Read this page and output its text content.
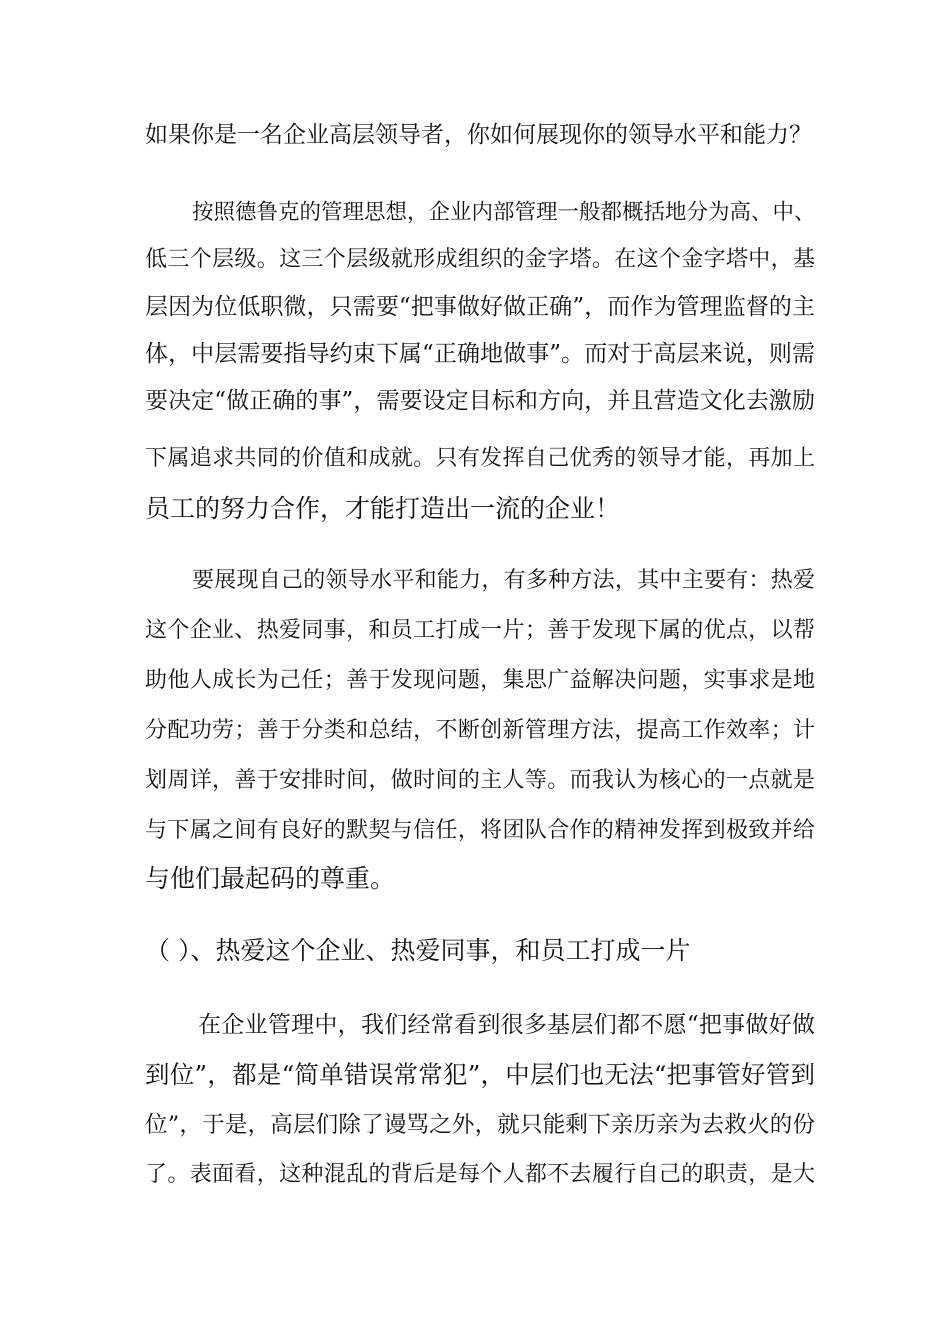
如果你是一名企业高层领导者，你如何展现你的领导水平和能力？
按照德鲁克的管理思想，企业内部管理一般都概括地分为高、中、
低三个层级。这三个层级就形成组织的金字塔。在这个金字塔中，基
层因为位低职微，只需要“把事做好做正确”，而作为管理监督的主
体，中层需要指导约束下属“正确地做事”。而对于高层来说，则需
要决定“做正确的事”，需要设定目标和方向，并且营造文化去激励
下属追求共同的价值和成就。只有发挥自己优秀的领导才能，再加上
员工的努力合作，才能打造出一流的企业！
要展现自己的领导水平和能力，有多种方法，其中主要有：热爱
这个企业、热爱同事，和员工打成一片；善于发现下属的优点，以帮
助他人成长为己任；善于发现问题，集思广益解决问题，实事求是地
分配功劳；善于分类和总结，不断创新管理方法，提高工作效率；计
划周详，善于安排时间，做时间的主人等。而我认为核心的一点就是
与下属之间有良好的默契与信任，将团队合作的精神发挥到极致并给
与他们最起码的尊重。
（ ）、热爱这个企业、热爱同事，和员工打成一片
在企业管理中，我们经常看到很多基层们都不愿“把事做好做
到位”，都是“简单错误常常犯”，中层们也无法“把事管好管到
位”，于是，高层们除了谩骂之外，就只能剩下亲历亲为去救火的份
了。表面看，这种混乱的背后是每个人都不去履行自己的职责，是大
